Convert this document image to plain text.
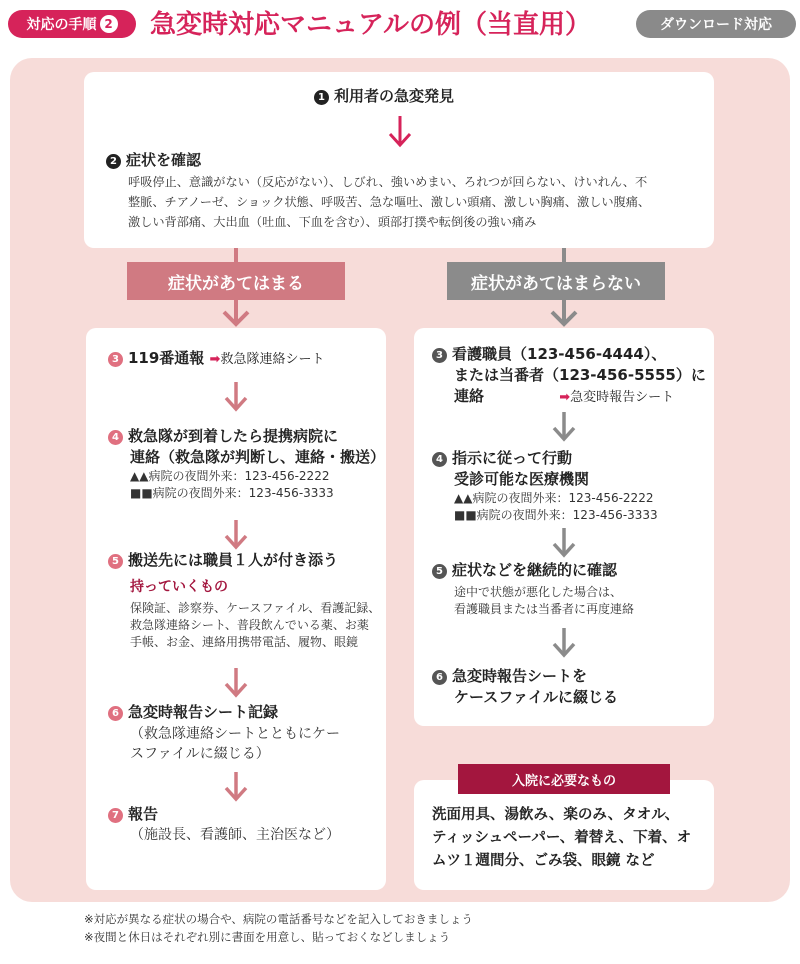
対応の手順 2 急変時対応マニュアルの例（当直用）	ダウンロード対応
1 利用者の急変発見
2 症状を確認
呼吸停止、意識がない（反応がない）、しびれ、強いめまい、ろれつが回らない、けいれん、不
整脈、チアノーゼ、ショック状態、呼吸苦、急な嘔吐、激しい頭痛、激しい胸痛、激しい腹痛、
激しい背部痛、大出血（吐血、下血を含む）、頭部打撲や転倒後の強い痛み
症状があてはまる	症状があてはまらない
3 119番通報 ➡救急隊連絡シート
4 救急隊が到着したら提携病院に
連絡（救急隊が判断し、連絡・搬送）
▲▲病院の夜間外来：123-456-2222
■■病院の夜間外来：123-456-3333
5 搬送先には職員１人が付き添う
持っていくもの
保険証、診察券、ケースファイル、看護記録、
救急隊連絡シート、普段飲んでいる薬、お薬
手帳、お金、連絡用携帯電話、履物、眼鏡
6 急変時報告シート記録
（救急隊連絡シートとともにケー
スファイルに綴じる）
7 報告
（施設長、看護師、主治医など）
3 看護職員（123-456-4444）、
または当番者（123-456-5555）に
連絡	➡急変時報告シート
4 指示に従って行動
受診可能な医療機関
▲▲病院の夜間外来：123-456-2222
■■病院の夜間外来：123-456-3333
5 症状などを継続的に確認
途中で状態が悪化した場合は、
看護職員または当番者に再度連絡
6 急変時報告シートを
ケースファイルに綴じる
入院に必要なもの
洗面用具、湯飲み、楽のみ、タオル、
ティッシュペーパー、着替え、下着、オ
ムツ１週間分、ごみ袋、眼鏡 など
※対応が異なる症状の場合や、病院の電話番号などを記入しておきましょう
※夜間と休日はそれぞれ別に書面を用意し、貼っておくなどしましょう
